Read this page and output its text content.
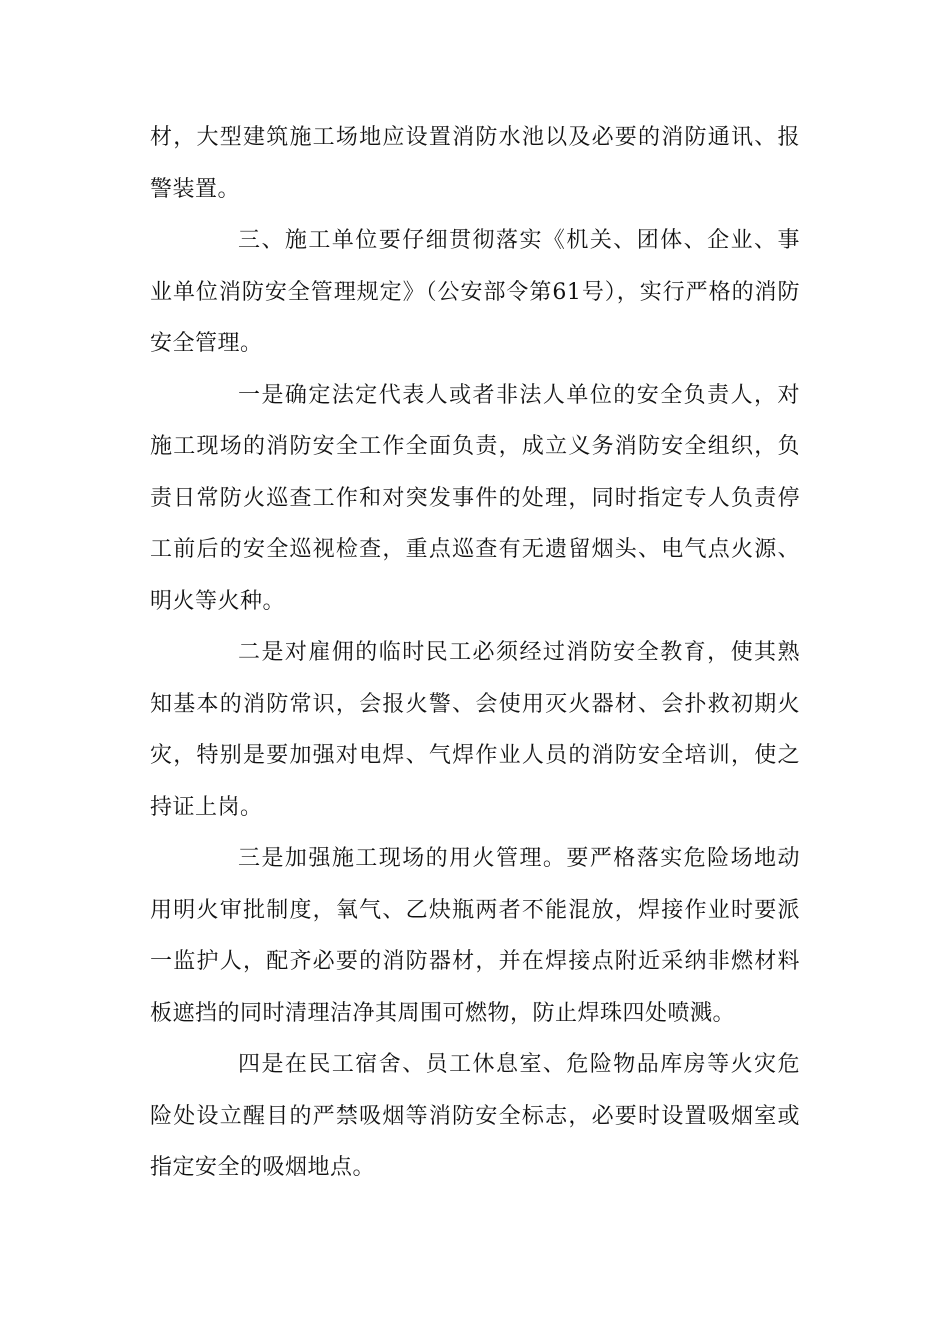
材，大型建筑施工场地应设置消防水池以及必要的消防通讯、报警装置。

三、施工单位要仔细贯彻落实《机关、团体、企业、事业单位消防安全管理规定》（公安部令第61号），实行严格的消防安全管理。

一是确定法定代表人或者非法人单位的安全负责人，对施工现场的消防安全工作全面负责，成立义务消防安全组织，负责日常防火巡查工作和对突发事件的处理，同时指定专人负责停工前后的安全巡视检查，重点巡查有无遗留烟头、电气点火源、明火等火种。

二是对雇佣的临时民工必须经过消防安全教育，使其熟知基本的消防常识，会报火警、会使用灭火器材、会扑救初期火灾，特别是要加强对电焊、气焊作业人员的消防安全培训，使之持证上岗。

三是加强施工现场的用火管理。要严格落实危险场地动用明火审批制度，氧气、乙炔瓶两者不能混放，焊接作业时要派一监护人，配齐必要的消防器材，并在焊接点附近采纳非燃材料板遮挡的同时清理洁净其周围可燃物，防止焊珠四处喷溅。

四是在民工宿舍、员工休息室、危险物品库房等火灾危险处设立醒目的严禁吸烟等消防安全标志，必要时设置吸烟室或指定安全的吸烟地点。
